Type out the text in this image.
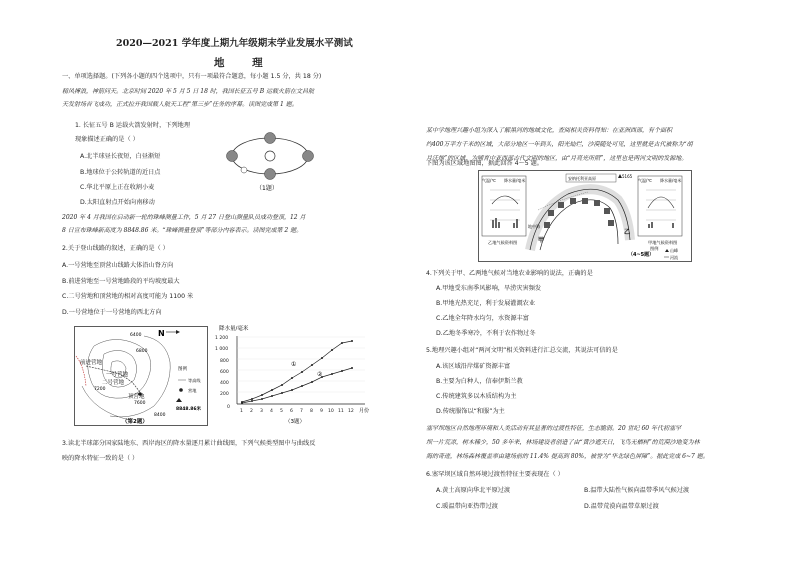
2020—2021 学年度上期九年级期末学业发展水平测试
地 理
一、单项选择题。(下列各小题的四个选项中，只有一项最符合题意，每小题 1.5 分，共 18 分)
精风搏浪，神箭问天。北京时间 2020 年 5 月 5 日 18 时，我国长征五号 B 运载火箭在文昌航
天发射场首飞成功，正式拉开我国载人航天工程“第三步”任务的序幕。读图完成第 1 题。
1. 长征五号 B 运载火箭发射时，下列地理
现象描述正确的是（ ）
A.北半球昼长夜短，白昼渐短
B.地球位于公转轨道的近日点
C.华北平原上正在收割小麦
D.太阳直射点开始向南移动
（1题）
2020 年 4 月我国在启动新一轮的珠峰测量工作，5 月 27 日登山测量队员成功登顶，12 月
8 日宣布珠峰新高度为 8848.86 米。“珠峰测量登顶”等部分内容表示。读图完成第 2 题。
2.关于登山线路的叙述，正确的是（ ）
A.一号营地至顶营山线路大体沿山脊方向
B.前进营地至一号营地路段的平均坡度最大
C.二号营地和顶营地的相对高度可能为 1100 米
D.一号营地位于一号营地的西北方向
6400
6800
7200
7600
8400
前进营地
一号营地
二号营地
顶营地
N
图例
等高线
营地
8848.86米
（第2题）
降水量/毫米
1 200
1 000
800
600
400
200
0
1 2 3 4 5 6 7 8 9 10 11 12 月份
①
②
（3题）
3.读北半球部分国家陆地东、西岸海区的降水量逐月累计曲线图，下列气候类型图中与曲线反
映的降水特征一致的是（ ）
某中学地理兴趣小组为深入了解黑河的地域文化，查阅相关资料得知：在亚洲西部，有个面积
约400万平方千米的区域，大部分地区一年到头，阳光灿烂，沙漠随处可见，这里就是古代被称为“胡
月沃地”的区域，为哺育中亚西部古代文明的地区，由“月亮光所照”，这里也是两河文明的发源地。
下图为该区域地图图，据此回答 4～5 题。
气温/℃ 降水量/毫米
乙地气候资料图
安纳托利亚高原	5165
地中海
甲
乙
（4~5题）
气温/℃ 降水量/毫米
甲地气候资料图
图例	山峰
河流
4.下列关于甲、乙两地气候对当地农业影响的说法，正确的是
A.甲地受东南季风影响，旱涝灾害频发
B.甲地光热充足，利于发展灌溉农业
C.乙地全年降水均匀，水资源丰富
D.乙地冬季寒冷，不利于农作物过冬
5.地理兴趣小组对“两河文明”相关资料进行汇总交流，其说法可信的是
A.该区域沿岸煤矿资源丰富
B.主要为白种人，信奉伊斯兰教
C.传统建筑多以木质结构为主
D.传统服饰以“和服”为主
塞罕坝地区自然地理环境和人类活动有其显著的过渡性特征，生态脆弱。20 世纪 60 年代初塞罕
坝一片荒凉，树木稀少，50 多年来，林场建设者创造了由“黄沙遮天日，飞鸟无栖树”的荒漠沙地变为林
海的奇迹，林场森林覆盖率由建场前的 11.4% 提高到 80%，被誉为“华北绿色屏障”。据此完成 6~7 题。
6.塞罕坝区域自然环境过渡性特征主要表现在（ ）
A.黄土高原向华北平原过渡	B.温带大陆性气候向温带季风气候过渡
C.暖温带向亚热带过渡	D.温带荒漠向温带草原过渡
